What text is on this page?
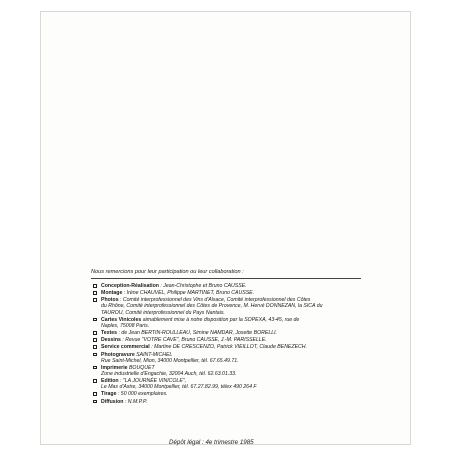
Nous remercions pour leur participation ou leur collaboration :
Conception-Réalisation : Jean-Christophe et Bruno CAUSSE.
Montage : Irène CHAUVEL, Philippe MARTINET, Bruno CAUSSE.
Photos : Comité interprofessionnel des Vins d'Alsace, Comité interprofessionnel des Côtes
du Rhône, Comité interprofessionnel des Côtes de Provence, M. Hervé DONNEZAN, la SICA du
TAUROU, Comité interprofessionnel du Pays Nantais.
Cartes Vinicoles aimablement mise à notre disposition par la SOPEXA, 43-45, rue de
Naples, 75008 Paris.
Textes : de Jean BERTIN-ROULLEAU, Simine NAMDAR, Josette BORELLI.
Dessins : Revue "VOTRE CAVE", Bruno CAUSSE, J.-M. PARISSELLE.
Service commercial : Martine DE CRESCENZO, Patrick VIEILLOT, Claude BENEZECH.
Photogravure SAINT-MICHEL
Rue Saint-Michel, Mion, 34000 Montpellier, tél. 67.65.49.71.
Imprimerie BOUQUET
Zone industrielle d'Engachie, 32004 Auch, tél. 62.63.01.33.
Edition : "LA JOURNÉE VINICOLE",
Le Mas d'Astre, 34000 Montpellier, tél. 67.27.82.99, télex 490 264 F
Tirage : 50 000 exemplaires.
Diffusion : N.M.P.P.
Dépôt légal : 4e trimestre 1985
